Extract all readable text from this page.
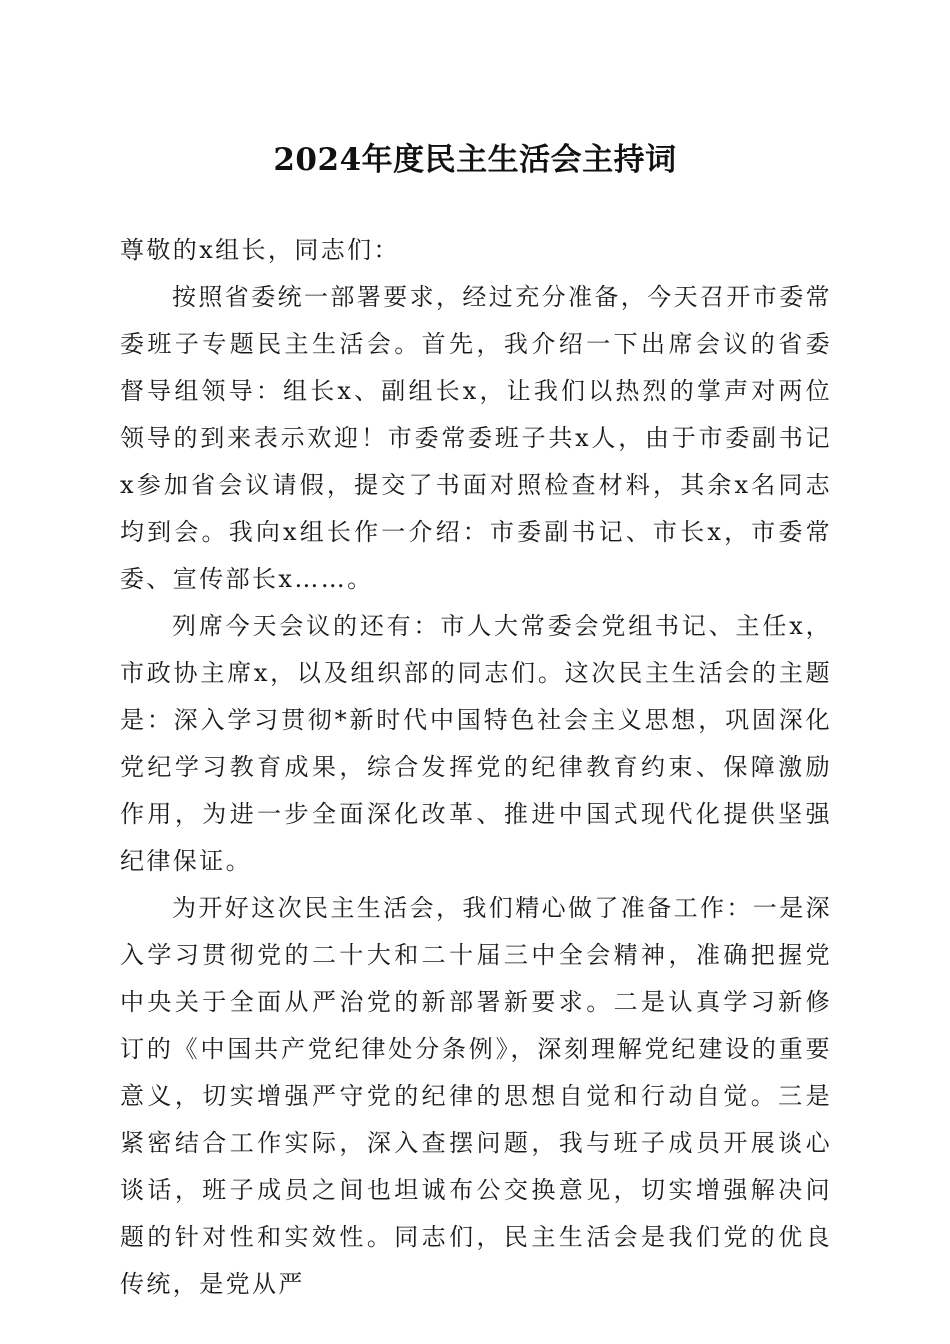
2024年度民主生活会主持词

尊敬的x组长，同志们：

按照省委统一部署要求，经过充分准备，今天召开市委常委班子专题民主生活会。首先，我介绍一下出席会议的省委督导组领导：组长x、副组长x，让我们以热烈的掌声对两位领导的到来表示欢迎！市委常委班子共x人，由于市委副书记x参加省会议请假，提交了书面对照检查材料，其余x名同志均到会。我向x组长作一介绍：市委副书记、市长x，市委常委、宣传部长x……。

列席今天会议的还有：市人大常委会党组书记、主任x，市政协主席x，以及组织部的同志们。这次民主生活会的主题是：深入学习贯彻*新时代中国特色社会主义思想，巩固深化党纪学习教育成果，综合发挥党的纪律教育约束、保障激励作用，为进一步全面深化改革、推进中国式现代化提供坚强纪律保证。

为开好这次民主生活会，我们精心做了准备工作：一是深入学习贯彻党的二十大和二十届三中全会精神，准确把握党中央关于全面从严治党的新部署新要求。二是认真学习新修订的《中国共产党纪律处分条例》，深刻理解党纪建设的重要意义，切实增强严守党的纪律的思想自觉和行动自觉。三是紧密结合工作实际，深入查摆问题，我与班子成员开展谈心谈话，班子成员之间也坦诚布公交换意见，切实增强解决问题的针对性和实效性。同志们，民主生活会是我们党的优良传统，是党从严
